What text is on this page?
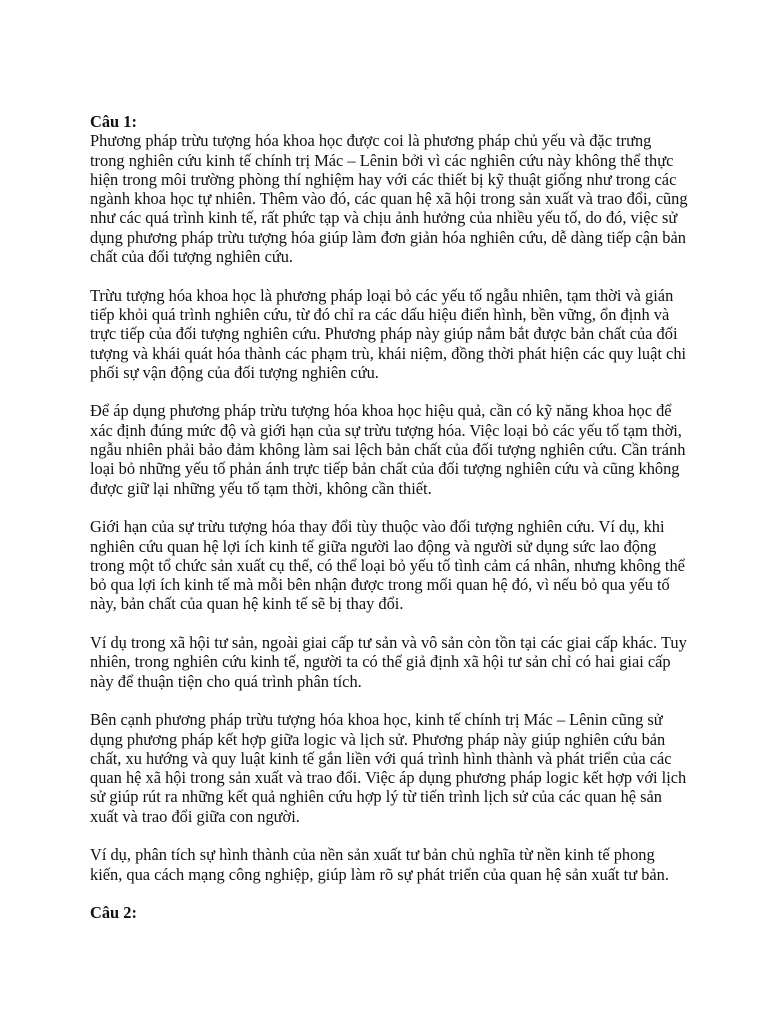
Câu 1:

Phương pháp trừu tượng hóa khoa học được coi là phương pháp chủ yếu và đặc trưng trong nghiên cứu kinh tế chính trị Mác – Lênin bởi vì các nghiên cứu này không thể thực hiện trong môi trường phòng thí nghiệm hay với các thiết bị kỹ thuật giống như trong các ngành khoa học tự nhiên. Thêm vào đó, các quan hệ xã hội trong sản xuất và trao đổi, cũng như các quá trình kinh tế, rất phức tạp và chịu ảnh hưởng của nhiều yếu tố, do đó, việc sử dụng phương pháp trừu tượng hóa giúp làm đơn giản hóa nghiên cứu, dễ dàng tiếp cận bản chất của đối tượng nghiên cứu.

Trừu tượng hóa khoa học là phương pháp loại bỏ các yếu tố ngẫu nhiên, tạm thời và gián tiếp khỏi quá trình nghiên cứu, từ đó chỉ ra các dấu hiệu điển hình, bền vững, ổn định và trực tiếp của đối tượng nghiên cứu. Phương pháp này giúp nắm bắt được bản chất của đối tượng và khái quát hóa thành các phạm trù, khái niệm, đồng thời phát hiện các quy luật chi phối sự vận động của đối tượng nghiên cứu.

Để áp dụng phương pháp trừu tượng hóa khoa học hiệu quả, cần có kỹ năng khoa học để xác định đúng mức độ và giới hạn của sự trừu tượng hóa. Việc loại bỏ các yếu tố tạm thời, ngẫu nhiên phải bảo đảm không làm sai lệch bản chất của đối tượng nghiên cứu. Cần tránh loại bỏ những yếu tố phản ánh trực tiếp bản chất của đối tượng nghiên cứu và cũng không được giữ lại những yếu tố tạm thời, không cần thiết.

Giới hạn của sự trừu tượng hóa thay đổi tùy thuộc vào đối tượng nghiên cứu. Ví dụ, khi nghiên cứu quan hệ lợi ích kinh tế giữa người lao động và người sử dụng sức lao động trong một tổ chức sản xuất cụ thể, có thể loại bỏ yếu tố tình cảm cá nhân, nhưng không thể bỏ qua lợi ích kinh tế mà mỗi bên nhận được trong mối quan hệ đó, vì nếu bỏ qua yếu tố này, bản chất của quan hệ kinh tế sẽ bị thay đổi.

Ví dụ trong xã hội tư sản, ngoài giai cấp tư sản và vô sản còn tồn tại các giai cấp khác. Tuy nhiên, trong nghiên cứu kinh tế, người ta có thể giả định xã hội tư sản chỉ có hai giai cấp này để thuận tiện cho quá trình phân tích.

Bên cạnh phương pháp trừu tượng hóa khoa học, kinh tế chính trị Mác – Lênin cũng sử dụng phương pháp kết hợp giữa logic và lịch sử. Phương pháp này giúp nghiên cứu bản chất, xu hướng và quy luật kinh tế gắn liền với quá trình hình thành và phát triển của các quan hệ xã hội trong sản xuất và trao đổi. Việc áp dụng phương pháp logic kết hợp với lịch sử giúp rút ra những kết quả nghiên cứu hợp lý từ tiến trình lịch sử của các quan hệ sản xuất và trao đổi giữa con người.

Ví dụ, phân tích sự hình thành của nền sản xuất tư bản chủ nghĩa từ nền kinh tế phong kiến, qua cách mạng công nghiệp, giúp làm rõ sự phát triển của quan hệ sản xuất tư bản.

Câu 2:
